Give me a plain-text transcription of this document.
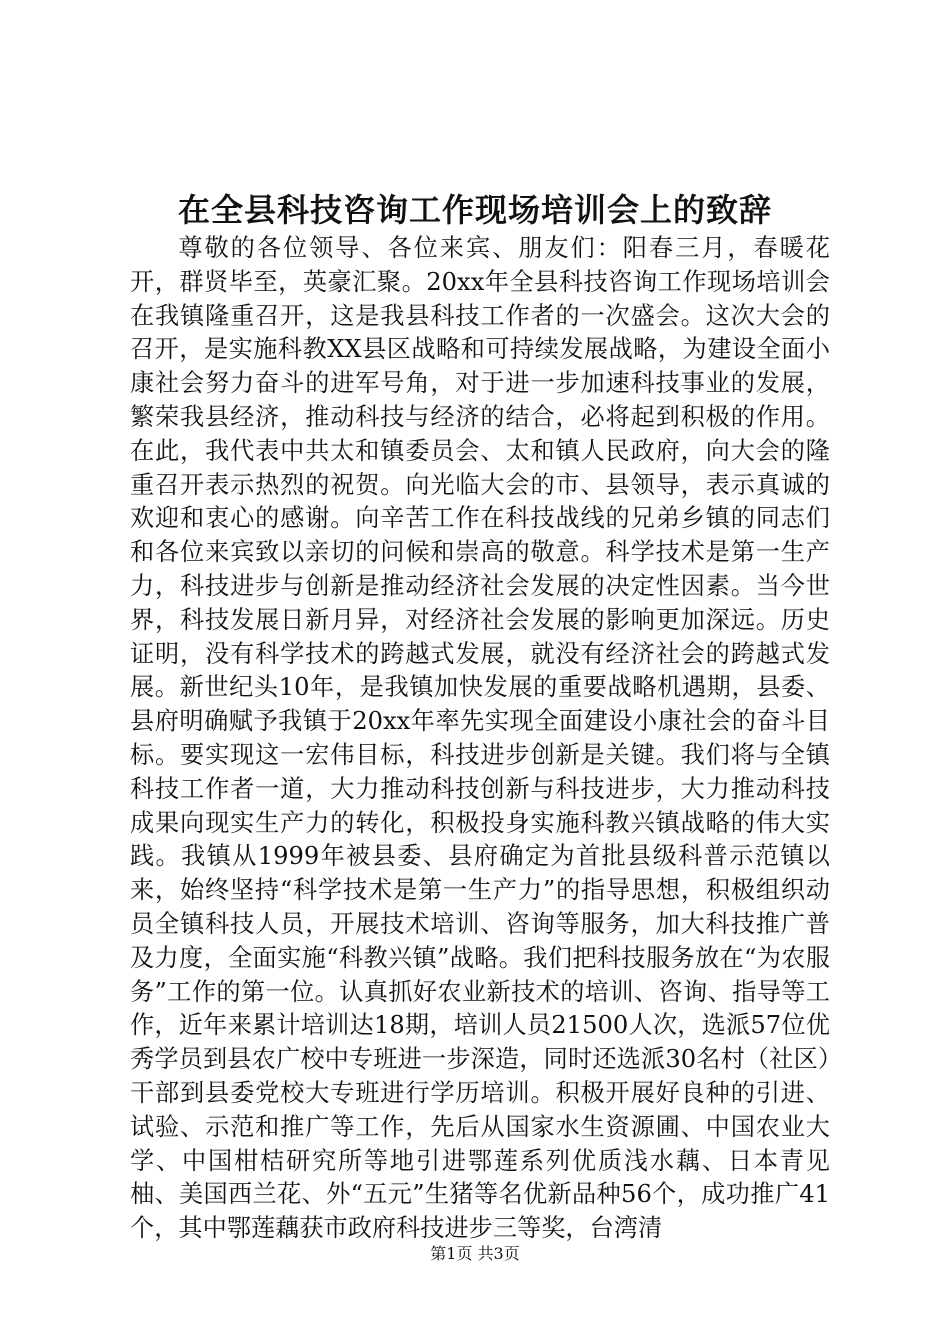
在全县科技咨询工作现场培训会上的致辞

尊敬的各位领导、各位来宾、朋友们：阳春三月，春暖花开，群贤毕至，英豪汇聚。20xx年全县科技咨询工作现场培训会在我镇隆重召开，这是我县科技工作者的一次盛会。这次大会的召开，是实施科教XX县区战略和可持续发展战略，为建设全面小康社会努力奋斗的进军号角，对于进一步加速科技事业的发展，繁荣我县经济，推动科技与经济的结合，必将起到积极的作用。在此，我代表中共太和镇委员会、太和镇人民政府，向大会的隆重召开表示热烈的祝贺。向光临大会的市、县领导，表示真诚的欢迎和衷心的感谢。向辛苦工作在科技战线的兄弟乡镇的同志们和各位来宾致以亲切的问候和崇高的敬意。科学技术是第一生产力，科技进步与创新是推动经济社会发展的决定性因素。当今世界，科技发展日新月异，对经济社会发展的影响更加深远。历史证明，没有科学技术的跨越式发展，就没有经济社会的跨越式发展。新世纪头10年，是我镇加快发展的重要战略机遇期，县委、县府明确赋予我镇于20xx年率先实现全面建设小康社会的奋斗目标。要实现这一宏伟目标，科技进步创新是关键。我们将与全镇科技工作者一道，大力推动科技创新与科技进步，大力推动科技成果向现实生产力的转化，积极投身实施科教兴镇战略的伟大实践。我镇从1999年被县委、县府确定为首批县级科普示范镇以来，始终坚持“科学技术是第一生产力”的指导思想，积极组织动员全镇科技人员，开展技术培训、咨询等服务，加大科技推广普及力度，全面实施“科教兴镇”战略。我们把科技服务放在“为农服务”工作的第一位。认真抓好农业新技术的培训、咨询、指导等工作，近年来累计培训达18期，培训人员21500人次，选派57位优秀学员到县农广校中专班进一步深造，同时还选派30名村（社区）干部到县委党校大专班进行学历培训。积极开展好良种的引进、试验、示范和推广等工作，先后从国家水生资源圃、中国农业大学、中国柑桔研究所等地引进鄂莲系列优质浅水藕、日本青见柚、美国西兰花、外“五元”生猪等名优新品种56个，成功推广41个，其中鄂莲藕获市政府科技进步三等奖，台湾清

第1页 共3页
